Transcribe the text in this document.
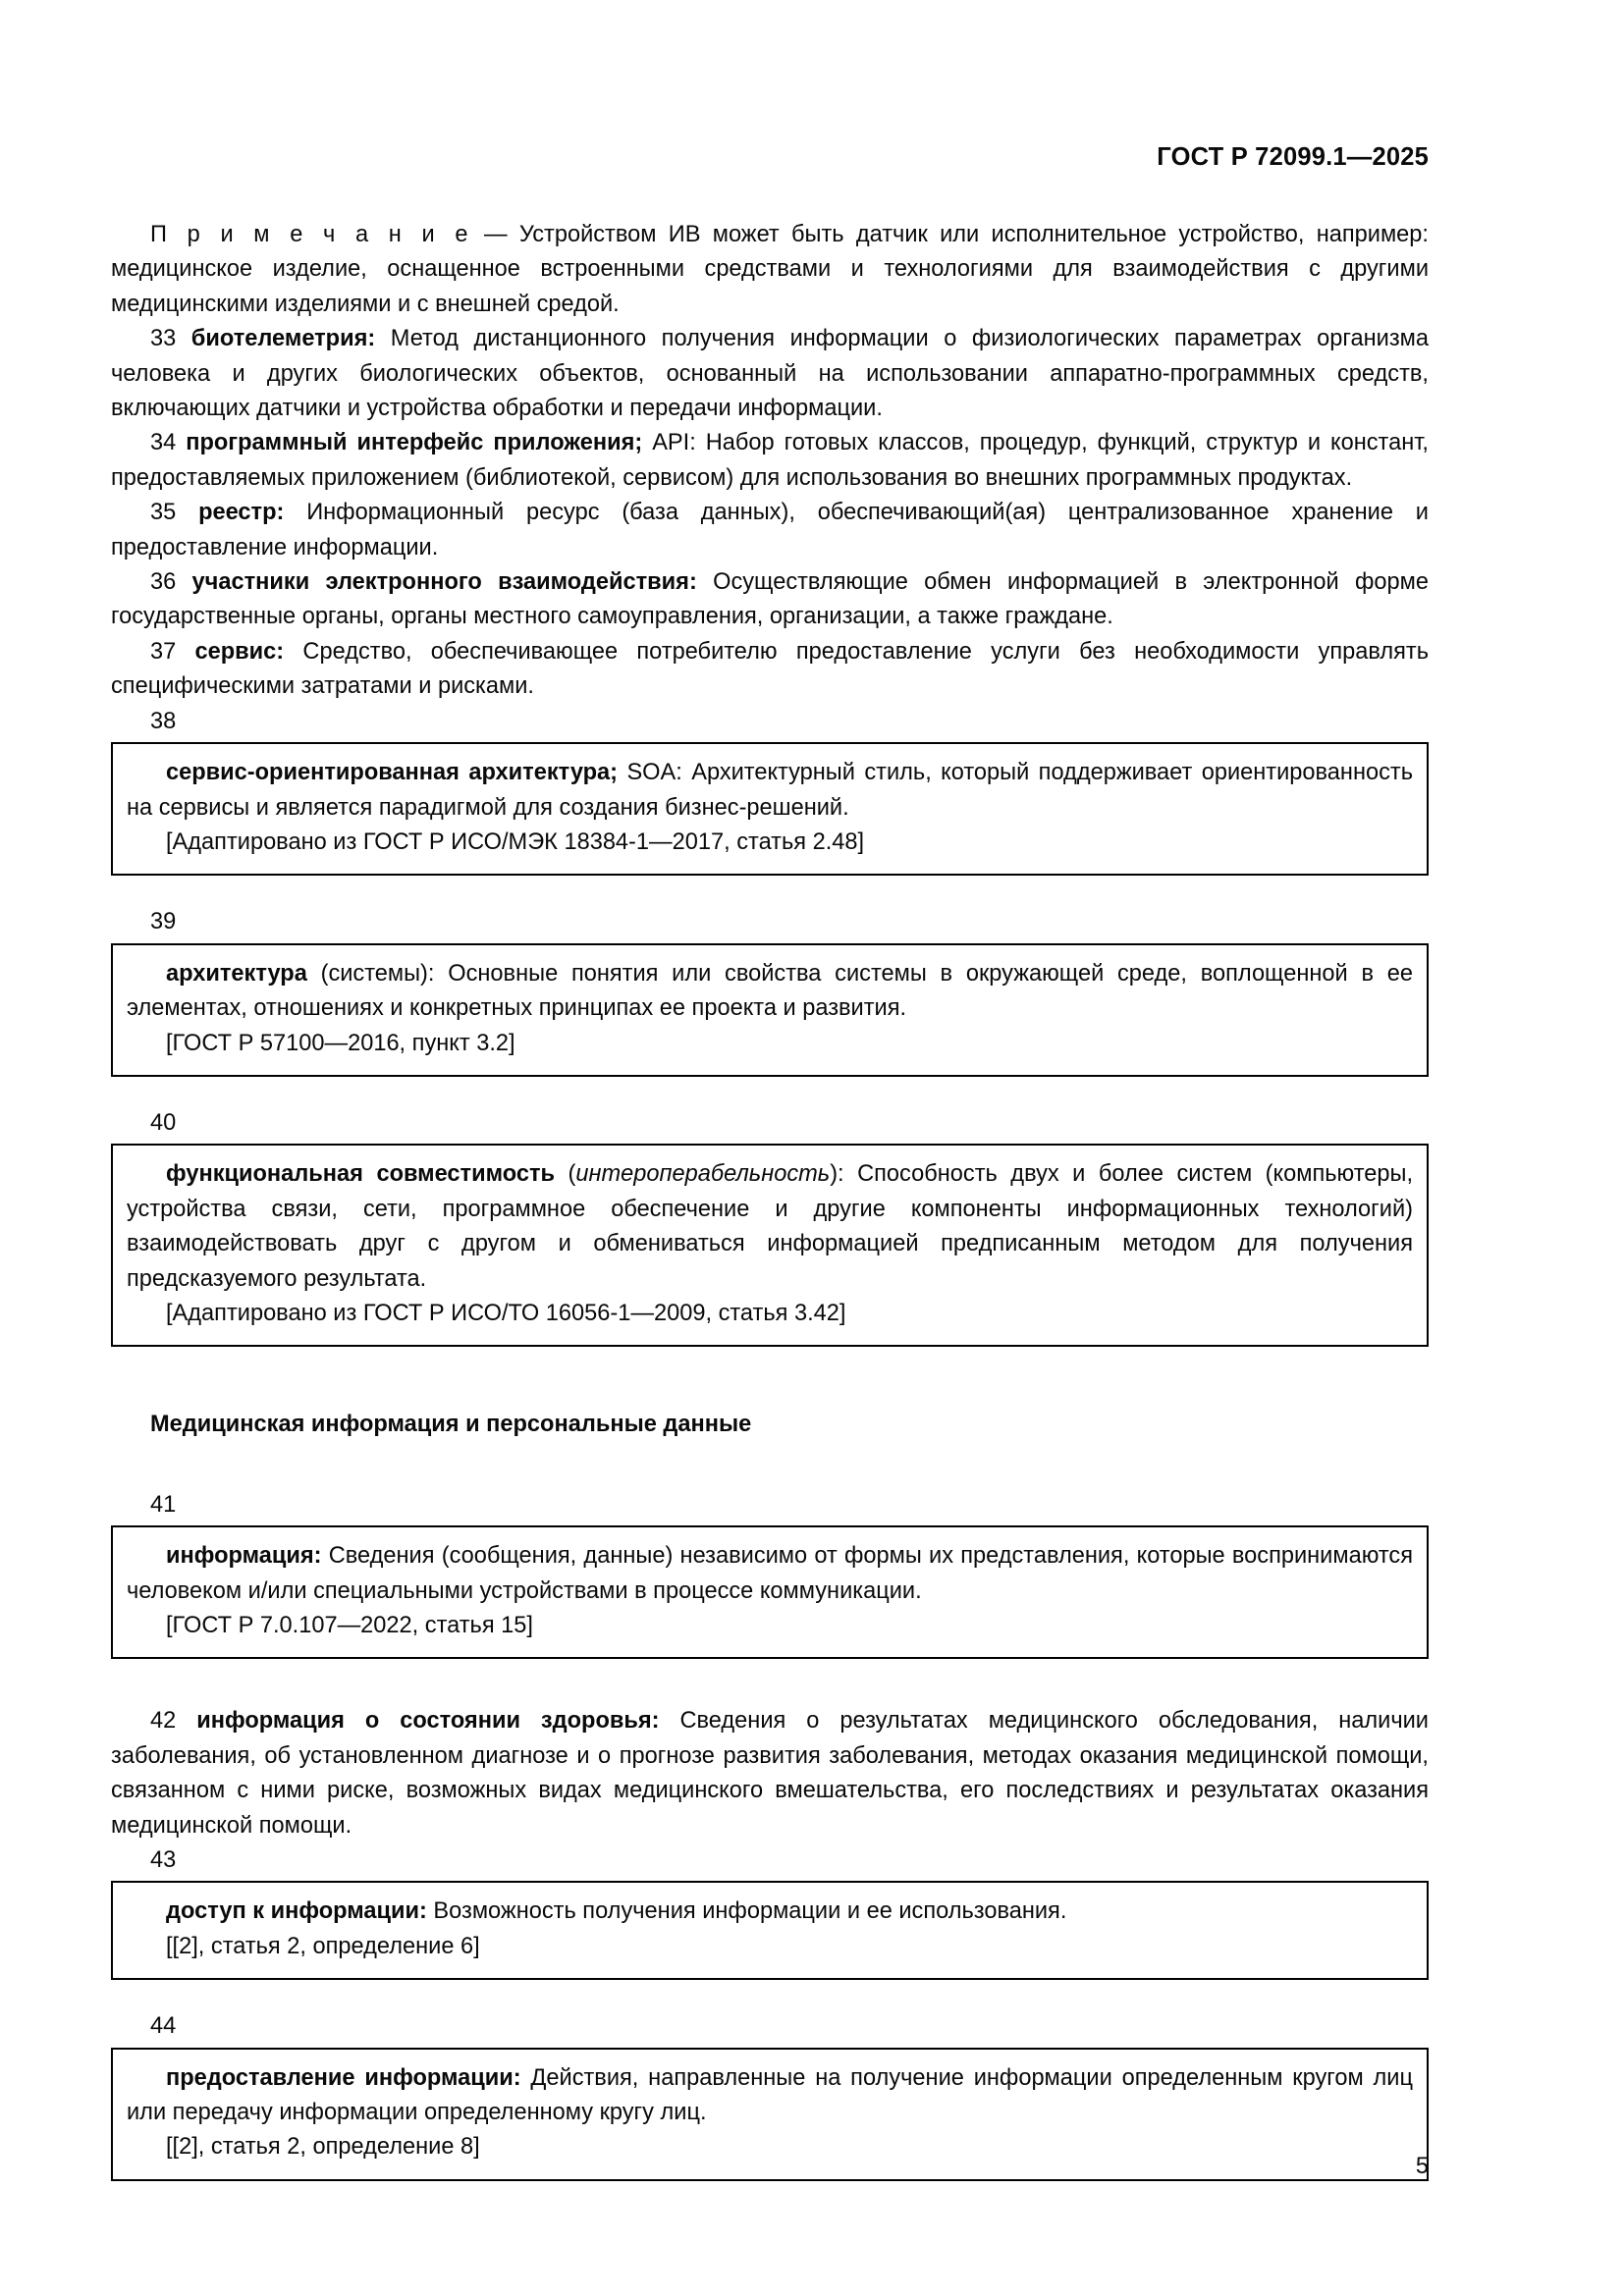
ГОСТ Р 72099.1—2025

П р и м е ч а н и е — Устройством ИВ может быть датчик или исполнительное устройство, например: медицинское изделие, оснащенное встроенными средствами и технологиями для взаимодействия с другими медицинскими изделиями и с внешней средой.

33 биотелеметрия: Метод дистанционного получения информации о физиологических параметрах организма человека и других биологических объектов, основанный на использовании аппаратно-программных средств, включающих датчики и устройства обработки и передачи информации.

34 программный интерфейс приложения; API: Набор готовых классов, процедур, функций, структур и констант, предоставляемых приложением (библиотекой, сервисом) для использования во внешних программных продуктах.

35 реестр: Информационный ресурс (база данных), обеспечивающий(ая) централизованное хранение и предоставление информации.

36 участники электронного взаимодействия: Осуществляющие обмен информацией в электронной форме государственные органы, органы местного самоуправления, организации, а также граждане.

37 сервис: Средство, обеспечивающее потребителю предоставление услуги без необходимости управлять специфическими затратами и рисками.

38

сервис-ориентированная архитектура; SOA: Архитектурный стиль, который поддерживает ориентированность на сервисы и является парадигмой для создания бизнес-решений.

[Адаптировано из ГОСТ Р ИСО/МЭК 18384-1—2017, статья 2.48]

39

архитектура (системы): Основные понятия или свойства системы в окружающей среде, воплощенной в ее элементах, отношениях и конкретных принципах ее проекта и развития.

[ГОСТ Р 57100—2016, пункт 3.2]

40

функциональная совместимость (интероперабельность): Способность двух и более систем (компьютеры, устройства связи, сети, программное обеспечение и другие компоненты информационных технологий) взаимодействовать друг с другом и обмениваться информацией предписанным методом для получения предсказуемого результата.

[Адаптировано из ГОСТ Р ИСО/ТО 16056-1—2009, статья 3.42]

Медицинская информация и персональные данные

41

информация: Сведения (сообщения, данные) независимо от формы их представления, которые воспринимаются человеком и/или специальными устройствами в процессе коммуникации.

[ГОСТ Р 7.0.107—2022, статья 15]

42 информация о состоянии здоровья: Сведения о результатах медицинского обследования, наличии заболевания, об установленном диагнозе и о прогнозе развития заболевания, методах оказания медицинской помощи, связанном с ними риске, возможных видах медицинского вмешательства, его последствиях и результатах оказания медицинской помощи.

43

доступ к информации: Возможность получения информации и ее использования.

[[2], статья 2, определение 6]

44

предоставление информации: Действия, направленные на получение информации определенным кругом лиц или передачу информации определенному кругу лиц.

[[2], статья 2, определение 8]

5
